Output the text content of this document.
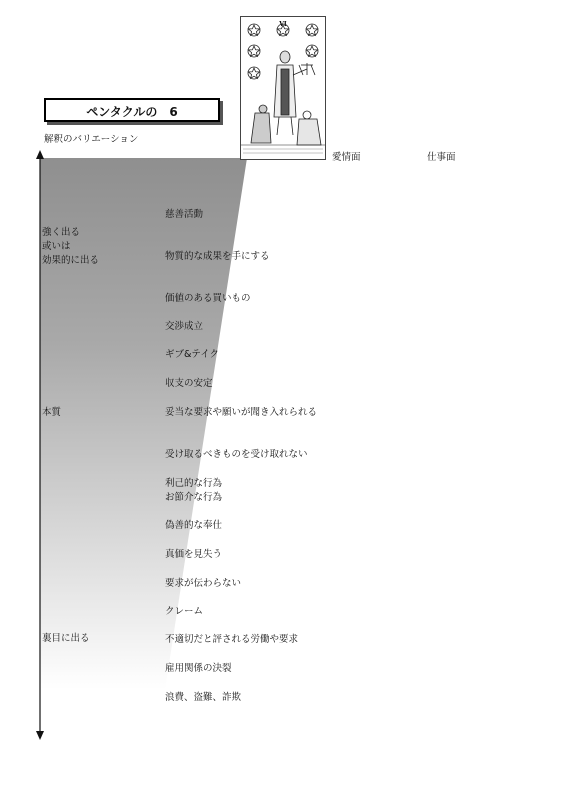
VI
ペンタクルの　6
解釈のバリエーション
愛情面	仕事面
強く出る
或いは
効果的に出る
本質
裏目に出る
慈善活動
物質的な成果を手にする
価値のある買いもの
交渉成立
ギブ&テイク
収支の安定
妥当な要求や願いが聞き入れられる
受け取るべきものを受け取れない
利己的な行為
お節介な行為
偽善的な奉仕
真価を見失う
要求が伝わらない
クレーム
不適切だと評される労働や要求
雇用関係の決裂
浪費、盗難、詐欺
